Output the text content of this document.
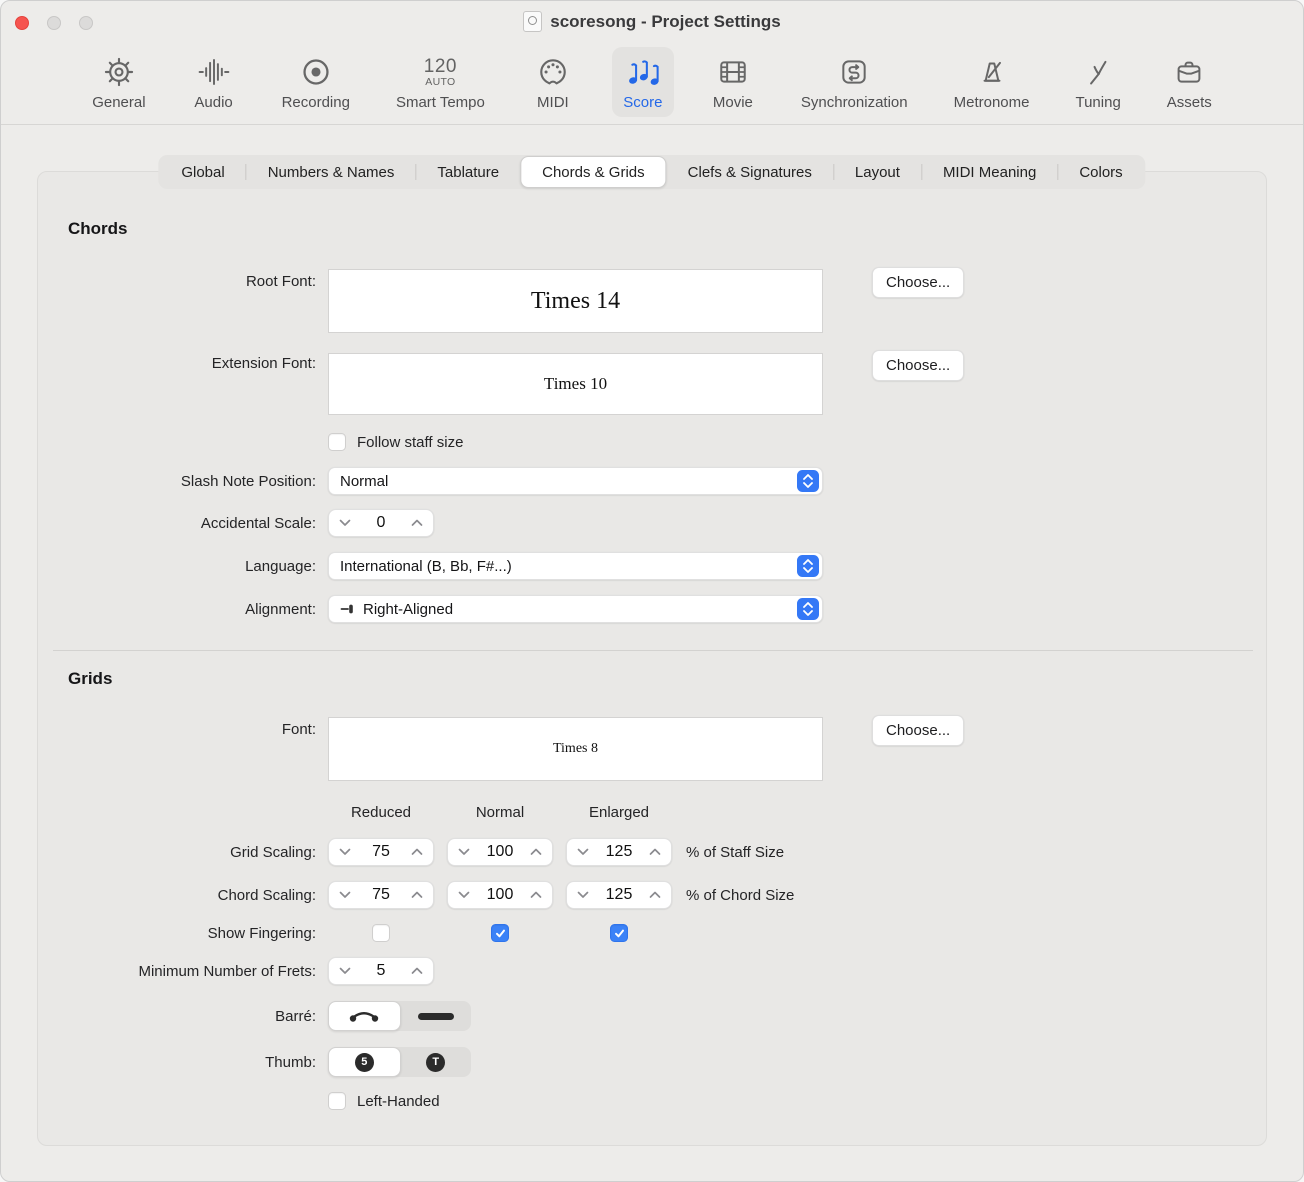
scoresong - Project Settings
General	Audio	Recording
120
AUTO
Smart Tempo	MIDI	Score	Movie	Synchronization	Metronome	Tuning	Assets
Global	Numbers & Names	Tablature	Chords & Grids	Clefs & Signatures	Layout	MIDI Meaning	Colors
Chords
Root Font:
Times 14
Choose...
Extension Font:
Times 10
Choose...
Follow staff size
Slash Note Position: Normal
Accidental Scale:	0
Language: International (B, Bb, F#...)
Alignment:	Right-Aligned
Grids
Font:
Times 8
Choose...
Reduced	Normal	Enlarged
Grid Scaling:	75	100	125	% of Staff Size
Chord Scaling:	75	100	125	% of Chord Size
Show Fingering:
Minimum Number of Frets:	5
Barré:
Thumb:	5	T
Left-Handed
